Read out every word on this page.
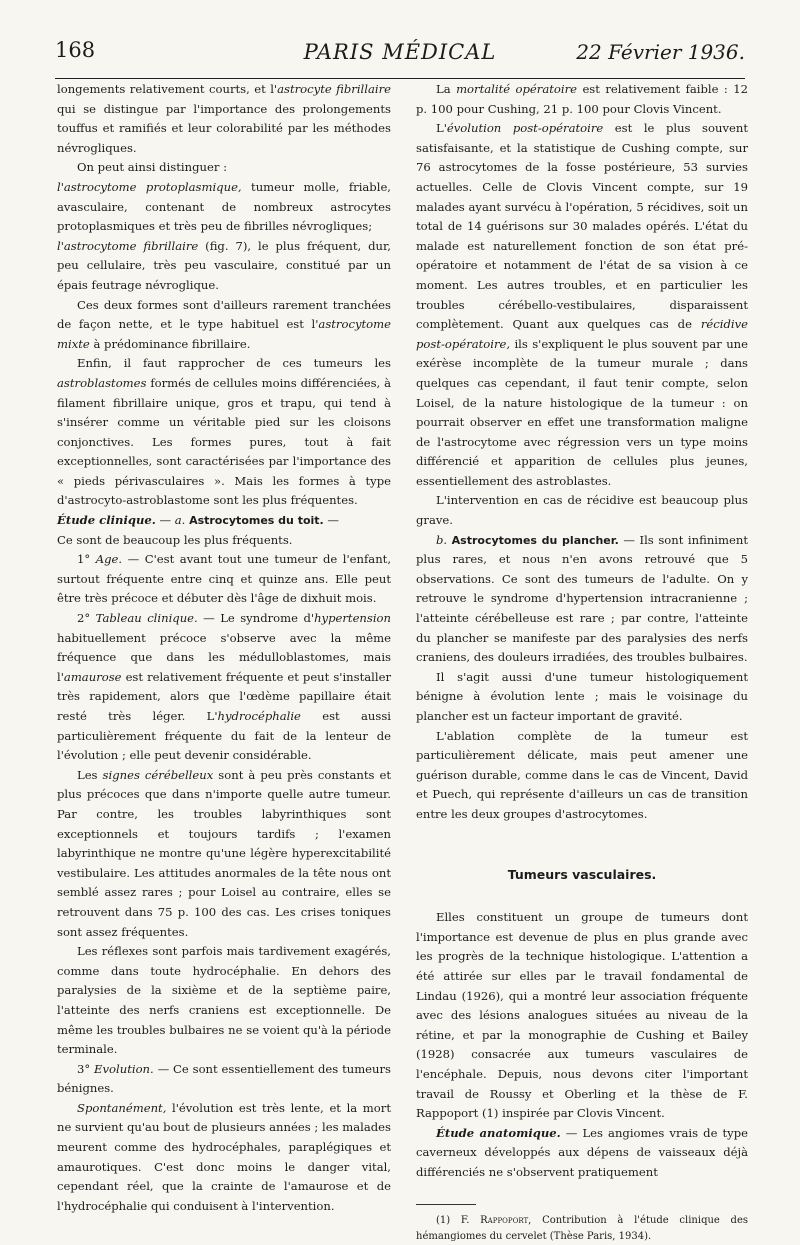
168	PARIS MÉDICAL	22 Février 1936.

longements relativement courts, et l'astrocyte fibrillaire qui se distingue par l'importance des prolongements touffus et ramifiés et leur colorabilité par les méthodes névrogliques.

On peut ainsi distinguer :

l'astrocytome protoplasmique, tumeur molle, friable, avasculaire, contenant de nombreux astrocytes protoplasmiques et très peu de fibrilles névrogliques;

l'astrocytome fibrillaire (fig. 7), le plus fréquent, dur, peu cellulaire, très peu vasculaire, constitué par un épais feutrage névroglique.

Ces deux formes sont d'ailleurs rarement tranchées de façon nette, et le type habituel est l'astrocytome mixte à prédominance fibrillaire.

Enfin, il faut rapprocher de ces tumeurs les astroblastomes formés de cellules moins différenciées, à filament fibrillaire unique, gros et trapu, qui tend à s'insérer comme un véritable pied sur les cloisons conjonctives. Les formes pures, tout à fait exceptionnelles, sont caractérisées par l'importance des « pieds périvasculaires ». Mais les formes à type d'astrocyto-astroblastome sont les plus fréquentes.

Étude clinique. — a. Astrocytomes du toit. —

Ce sont de beaucoup les plus fréquents.

1° Age. — C'est avant tout une tumeur de l'enfant, surtout fréquente entre cinq et quinze ans. Elle peut être très précoce et débuter dès l'âge de dixhuit mois.

2° Tableau clinique. — Le syndrome d'hypertension habituellement précoce s'observe avec la même fréquence que dans les médulloblastomes, mais l'amaurose est relativement fréquente et peut s'installer très rapidement, alors que l'œdème papillaire était resté très léger. L'hydrocéphalie est aussi particulièrement fréquente du fait de la lenteur de l'évolution ; elle peut devenir considérable.

Les signes cérébelleux sont à peu près constants et plus précoces que dans n'importe quelle autre tumeur. Par contre, les troubles labyrinthiques sont exceptionnels et toujours tardifs ; l'examen labyrinthique ne montre qu'une légère hyperexcitabilité vestibulaire. Les attitudes anormales de la tête nous ont semblé assez rares ; pour Loisel au contraire, elles se retrouvent dans 75 p. 100 des cas. Les crises toniques sont assez fréquentes.

Les réflexes sont parfois mais tardivement exagérés, comme dans toute hydrocéphalie. En dehors des paralysies de la sixième et de la septième paire, l'atteinte des nerfs craniens est exceptionnelle. De même les troubles bulbaires ne se voient qu'à la période terminale.

3° Evolution. — Ce sont essentiellement des tumeurs bénignes.

Spontanément, l'évolution est très lente, et la mort ne survient qu'au bout de plusieurs années ; les malades meurent comme des hydrocéphales, paraplégiques et amaurotiques. C'est donc moins le danger vital, cependant réel, que la crainte de l'amaurose et de l'hydrocéphalie qui conduisent à l'intervention.

La mortalité opératoire est relativement faible : 12 p. 100 pour Cushing, 21 p. 100 pour Clovis Vincent.

L'évolution post-opératoire est le plus souvent satisfaisante, et la statistique de Cushing compte, sur 76 astrocytomes de la fosse postérieure, 53 survies actuelles. Celle de Clovis Vincent compte, sur 19 malades ayant survécu à l'opération, 5 récidives, soit un total de 14 guérisons sur 30 malades opérés. L'état du malade est naturellement fonction de son état pré-opératoire et notamment de l'état de sa vision à ce moment. Les autres troubles, et en particulier les troubles cérébello-vestibulaires, disparaissent complètement. Quant aux quelques cas de récidive post-opératoire, ils s'expliquent le plus souvent par une exérèse incomplète de la tumeur murale ; dans quelques cas cependant, il faut tenir compte, selon Loisel, de la nature histologique de la tumeur : on pourrait observer en effet une transformation maligne de l'astrocytome avec régression vers un type moins différencié et apparition de cellules plus jeunes, essentiellement des astroblastes.

L'intervention en cas de récidive est beaucoup plus grave.

b. Astrocytomes du plancher. — Ils sont infiniment plus rares, et nous n'en avons retrouvé que 5 observations. Ce sont des tumeurs de l'adulte. On y retrouve le syndrome d'hypertension intracranienne ; l'atteinte cérébelleuse est rare ; par contre, l'atteinte du plancher se manifeste par des paralysies des nerfs craniens, des douleurs irradiées, des troubles bulbaires.

Il s'agit aussi d'une tumeur histologiquement bénigne à évolution lente ; mais le voisinage du plancher est un facteur important de gravité.

L'ablation complète de la tumeur est particulièrement délicate, mais peut amener une guérison durable, comme dans le cas de Vincent, David et Puech, qui représente d'ailleurs un cas de transition entre les deux groupes d'astrocytomes.

Tumeurs vasculaires.

Elles constituent un groupe de tumeurs dont l'importance est devenue de plus en plus grande avec les progrès de la technique histologique. L'attention a été attirée sur elles par le travail fondamental de Lindau (1926), qui a montré leur association fréquente avec des lésions analogues situées au niveau de la rétine, et par la monographie de Cushing et Bailey (1928) consacrée aux tumeurs vasculaires de l'encéphale. Depuis, nous devons citer l'important travail de Roussy et Oberling et la thèse de F. Rappoport (1) inspirée par Clovis Vincent.

Étude anatomique. — Les angiomes vrais de type caverneux développés aux dépens de vaisseaux déjà différenciés ne s'observent pratiquement

(1) F. Rappoport, Contribution à l'étude clinique des hémangiomes du cervelet (Thèse Paris, 1934).
